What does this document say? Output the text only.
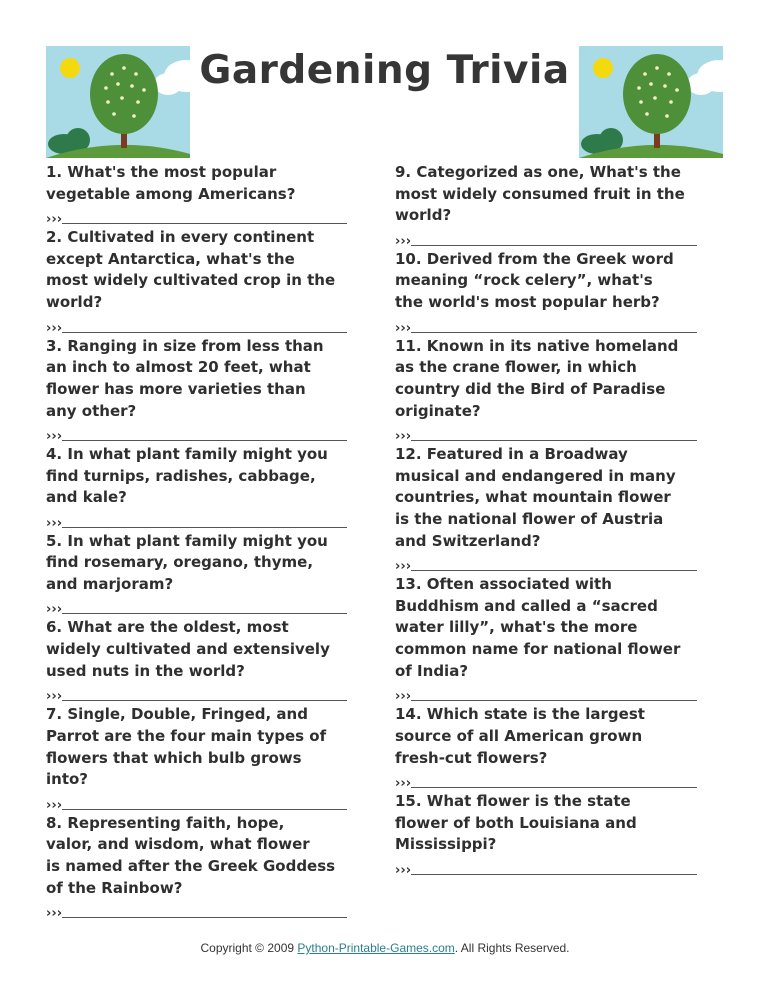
Gardening Trivia
1. What's the most popular
vegetable among Americans?
›››
2. Cultivated in every continent
except Antarctica, what's the
most widely cultivated crop in the
world?
›››
3. Ranging in size from less than
an inch to almost 20 feet, what
flower has more varieties than
any other?
›››
4. In what plant family might you
find turnips, radishes, cabbage,
and kale?
›››
5. In what plant family might you
find rosemary, oregano, thyme,
and marjoram?
›››
6. What are the oldest, most
widely cultivated and extensively
used nuts in the world?
›››
7. Single, Double, Fringed, and
Parrot are the four main types of
flowers that which bulb grows
into?
›››
8. Representing faith, hope,
valor, and wisdom, what flower
is named after the Greek Goddess
of the Rainbow?
›››
9. Categorized as one, What's the
most widely consumed fruit in the
world?
›››
10. Derived from the Greek word
meaning “rock celery”, what's
the world's most popular herb?
›››
11. Known in its native homeland
as the crane flower, in which
country did the Bird of Paradise
originate?
›››
12. Featured in a Broadway
musical and endangered in many
countries, what mountain flower
is the national flower of Austria
and Switzerland?
›››
13. Often associated with
Buddhism and called a “sacred
water lilly”, what's the more
common name for national flower
of India?
›››
14. Which state is the largest
source of all American grown
fresh-cut flowers?
›››
15. What flower is the state
flower of both Louisiana and
Mississippi?
›››
Copyright © 2009 Python-Printable-Games.com. All Rights Reserved.
